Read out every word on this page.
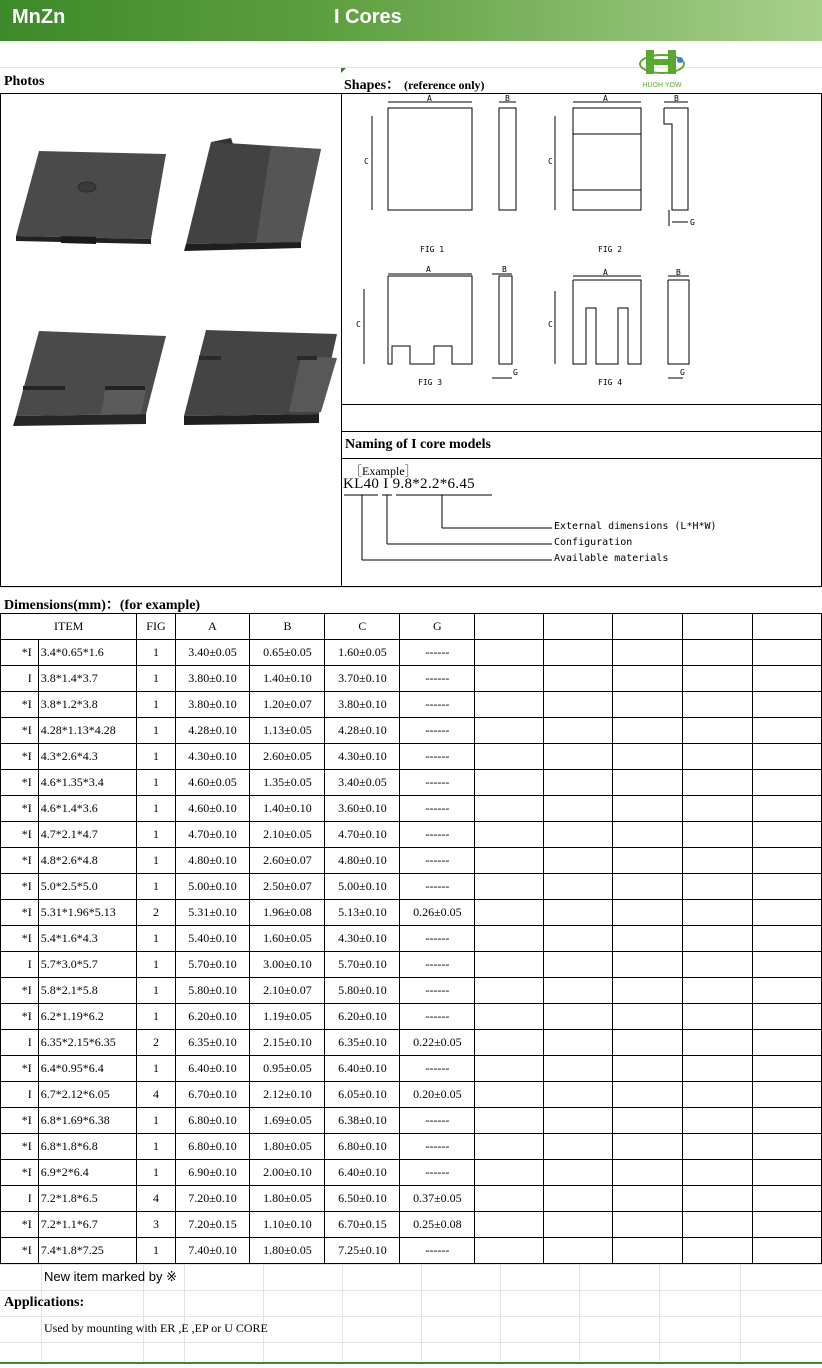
MnZn	I Cores
HUOH YOW
Photos	Shapes： (reference only)
A	B
C
A	B
C
G
A	B
C
G
A	B
C
G
FIG 1	FIG 2
FIG 3	FIG 4
Naming of I core models
［Example］
KL40 I 9.8*2.2*6.45
External dimensions (L*H*W)
Configuration
Available materials
Dimensions(mm)：(for example)
ITEM		FIG	A	B	C	G					
*I	3.4*0.65*1.6	1	3.40±0.05	0.65±0.05	1.60±0.05	------					
I	3.8*1.4*3.7	1	3.80±0.10	1.40±0.10	3.70±0.10	------					
*I	3.8*1.2*3.8	1	3.80±0.10	1.20±0.07	3.80±0.10	------					
*I	4.28*1.13*4.28	1	4.28±0.10	1.13±0.05	4.28±0.10	------					
*I	4.3*2.6*4.3	1	4.30±0.10	2.60±0.05	4.30±0.10	------					
*I	4.6*1.35*3.4	1	4.60±0.05	1.35±0.05	3.40±0.05	------					
*I	4.6*1.4*3.6	1	4.60±0.10	1.40±0.10	3.60±0.10	------					
*I	4.7*2.1*4.7	1	4.70±0.10	2.10±0.05	4.70±0.10	------					
*I	4.8*2.6*4.8	1	4.80±0.10	2.60±0.07	4.80±0.10	------					
*I	5.0*2.5*5.0	1	5.00±0.10	2.50±0.07	5.00±0.10	------					
*I	5.31*1.96*5.13	2	5.31±0.10	1.96±0.08	5.13±0.10	0.26±0.05					
*I	5.4*1.6*4.3	1	5.40±0.10	1.60±0.05	4.30±0.10	------					
I	5.7*3.0*5.7	1	5.70±0.10	3.00±0.10	5.70±0.10	------					
*I	5.8*2.1*5.8	1	5.80±0.10	2.10±0.07	5.80±0.10	------					
*I	6.2*1.19*6.2	1	6.20±0.10	1.19±0.05	6.20±0.10	------					
I	6.35*2.15*6.35	2	6.35±0.10	2.15±0.10	6.35±0.10	0.22±0.05					
*I	6.4*0.95*6.4	1	6.40±0.10	0.95±0.05	6.40±0.10	------					
I	6.7*2.12*6.05	4	6.70±0.10	2.12±0.10	6.05±0.10	0.20±0.05					
*I	6.8*1.69*6.38	1	6.80±0.10	1.69±0.05	6.38±0.10	------					
*I	6.8*1.8*6.8	1	6.80±0.10	1.80±0.05	6.80±0.10	------					
*I	6.9*2*6.4	1	6.90±0.10	2.00±0.10	6.40±0.10	------					
I	7.2*1.8*6.5	4	7.20±0.10	1.80±0.05	6.50±0.10	0.37±0.05					
*I	7.2*1.1*6.7	3	7.20±0.15	1.10±0.10	6.70±0.15	0.25±0.08					
*I	7.4*1.8*7.25	1	7.40±0.10	1.80±0.05	7.25±0.10	------					
New item marked by ※
Applications:
Used by mounting with ER ,E ,EP or U CORE
